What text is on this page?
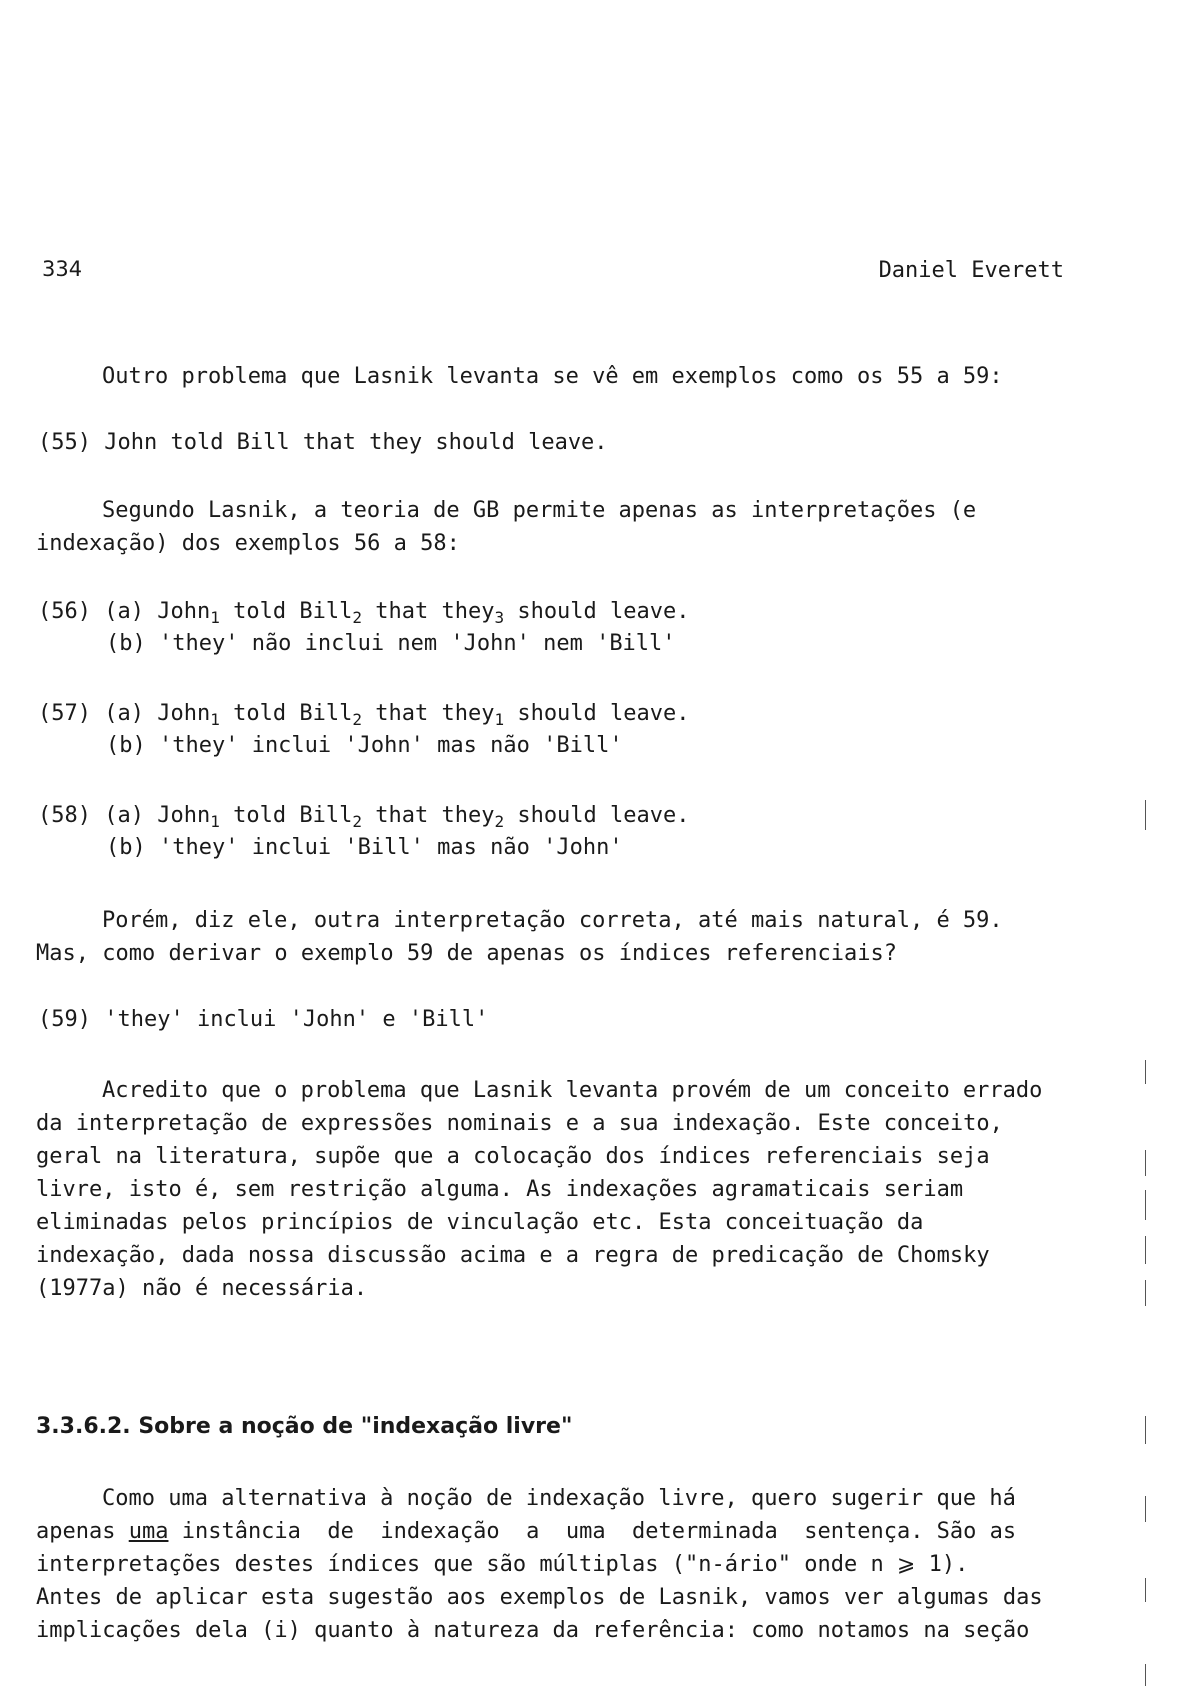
334	Daniel Everett
Outro problema que Lasnik levanta se vê em exemplos como os 55 a 59:
(55) John told Bill that they should leave.
Segundo Lasnik, a teoria de GB permite apenas as interpretações (e
indexação) dos exemplos 56 a 58:
(56) (a) John$_1$ told Bill$_2$ that they$_3$ should leave.
(b) 'they' não inclui nem 'John' nem 'Bill'
(57) (a) John$_1$ told Bill$_2$ that they$_1$ should leave.
(b) 'they' inclui 'John' mas não 'Bill'
(58) (a) John$_1$ told Bill$_2$ that they$_2$ should leave.
(b) 'they' inclui 'Bill' mas não 'John'
Porém, diz ele, outra interpretação correta, até mais natural, é 59.
Mas, como derivar o exemplo 59 de apenas os índices referenciais?
(59) 'they' inclui 'John' e 'Bill'
Acredito que o problema que Lasnik levanta provém de um conceito errado
da interpretação de expressões nominais e a sua indexação. Este conceito,
geral na literatura, supõe que a colocação dos índices referenciais seja
livre, isto é, sem restrição alguma. As indexações agramaticais seriam
eliminadas pelos princípios de vinculação etc. Esta conceituação da
indexação, dada nossa discussão acima e a regra de predicação de Chomsky
(1977a) não é necessária.
3.3.6.2. Sobre a noção de "indexação livre"
Como uma alternativa à noção de indexação livre, quero sugerir que há
apenas uma instância  de  indexação  a  uma  determinada  sentença. São as
interpretações destes índices que são múltiplas ("n-ário" onde n ⩾ 1).
Antes de aplicar esta sugestão aos exemplos de Lasnik, vamos ver algumas das
implicações dela (i) quanto à natureza da referência: como notamos na seção
